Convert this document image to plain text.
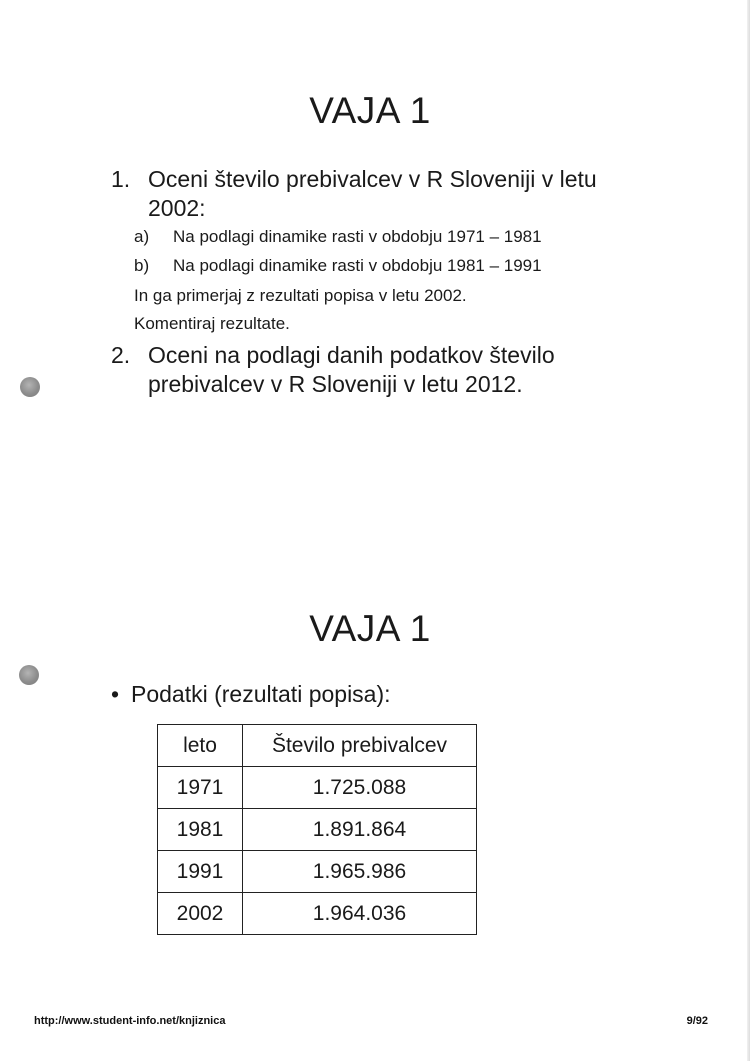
VAJA 1
1. Oceni število prebivalcev v R Sloveniji v letu 2002:
a) Na podlagi dinamike rasti v obdobju 1971 – 1981
b) Na podlagi dinamike rasti v obdobju 1981 – 1991
In ga primerjaj z rezultati popisa v letu 2002.
Komentiraj rezultate.
2. Oceni na podlagi danih podatkov število prebivalcev v R Sloveniji v letu 2012.
VAJA 1
• Podatki (rezultati popisa):
leto	Število prebivalcev
1971	1.725.088
1981	1.891.864
1991	1.965.986
2002	1.964.036
http://www.student-info.net/knjiznica	9/92
